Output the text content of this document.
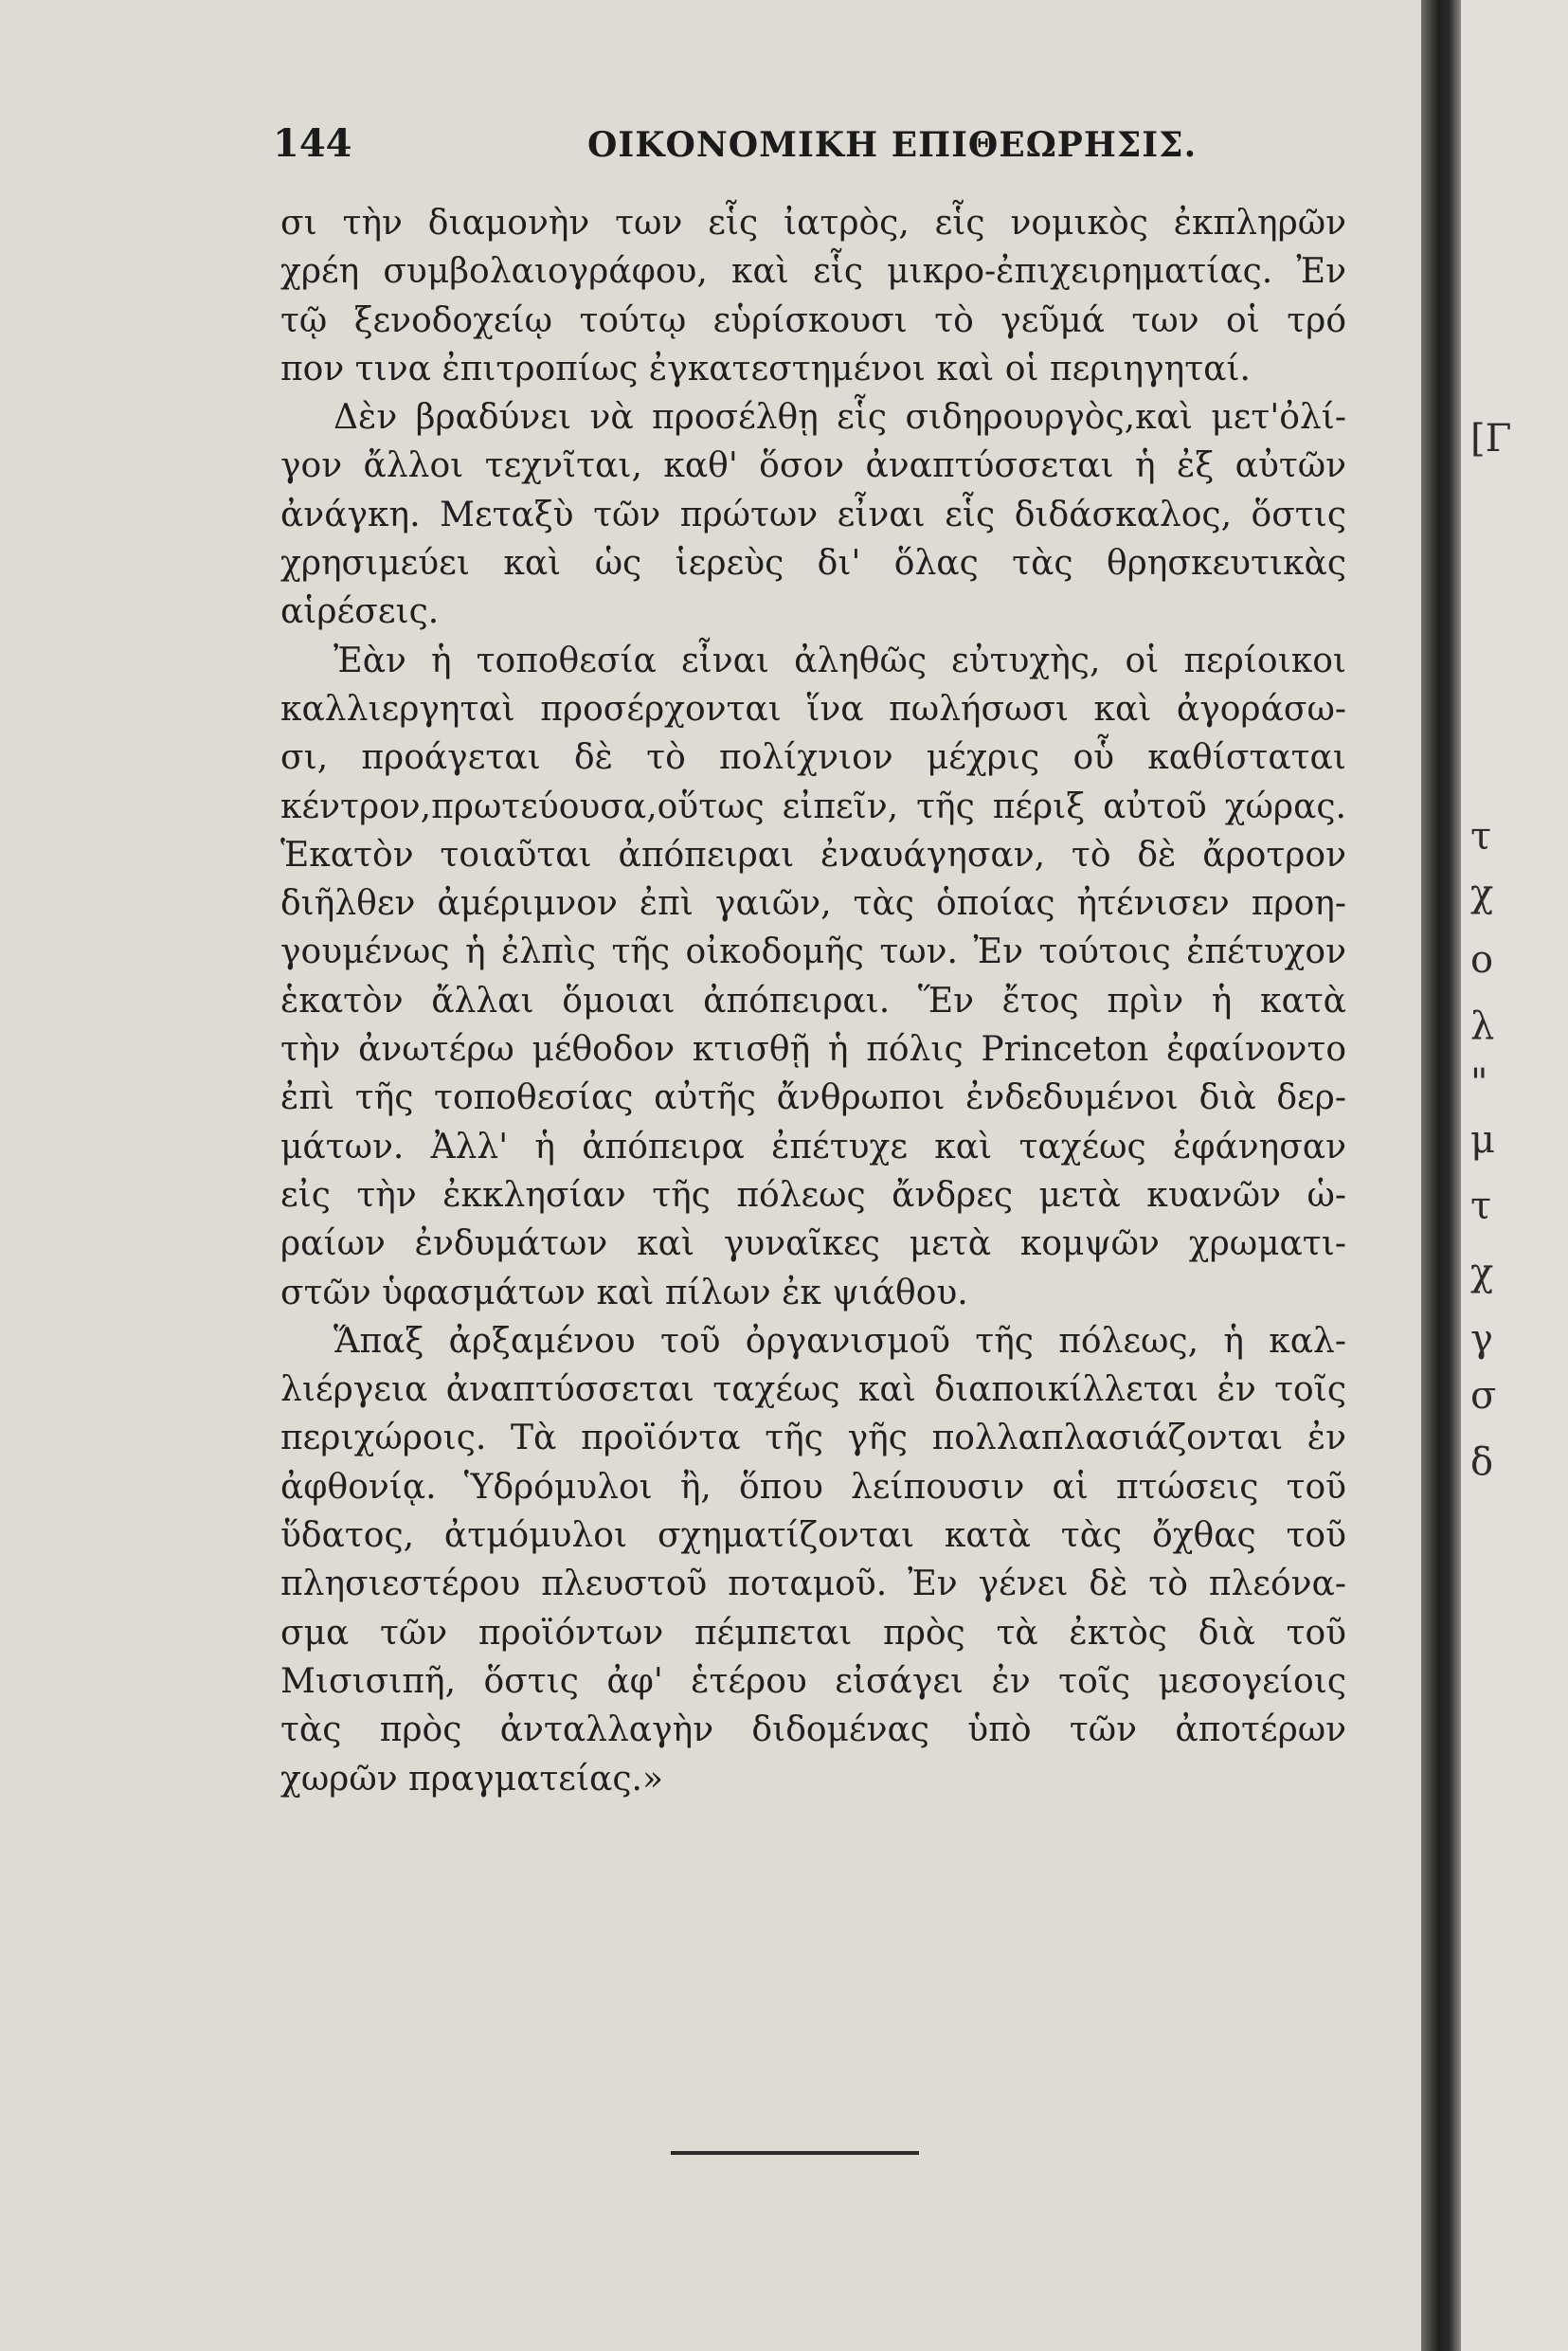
144	ΟΙΚΟΝΟΜΙΚΗ ΕΠΙΘΕΩΡΗΣΙΣ.
σι τὴν διαμονὴν των εἷς ἰατρὸς, εἷς νομικὸς ἐκπληρῶν
χρέη συμβολαιογράφου, καὶ εἷς μικρο-ἐπιχειρηματίας. Ἐν
τῷ ξενοδοχείῳ τούτῳ εὑρίσκουσι τὸ γεῦμά των οἱ τρό
πον τινα ἐπιτροπίως ἐγκατεστημένοι καὶ οἱ περιηγηταί.
Δὲν βραδύνει νὰ προσέλθῃ εἷς σιδηρουργὸς,καὶ μετ'ὀλί-
γον ἄλλοι τεχνῖται, καθ' ὅσον ἀναπτύσσεται ἡ ἐξ αὐτῶν
ἀνάγκη. Μεταξὺ τῶν πρώτων εἶναι εἷς διδάσκαλος, ὅστις
χρησιμεύει καὶ ὡς ἱερεὺς δι' ὅλας τὰς θρησκευτικὰς
αἱρέσεις.
Ἐὰν ἡ τοποθεσία εἶναι ἀληθῶς εὐτυχὴς, οἱ περίοικοι
καλλιεργηταὶ προσέρχονται ἵνα πωλήσωσι καὶ ἀγοράσω-
σι, προάγεται δὲ τὸ πολίχνιον μέχρις οὗ καθίσταται
κέντρον,πρωτεύουσα,οὕτως εἰπεῖν, τῆς πέριξ αὐτοῦ χώρας.
Ἑκατὸν τοιαῦται ἀπόπειραι ἐναυάγησαν, τὸ δὲ ἄροτρον
διῆλθεν ἀμέριμνον ἐπὶ γαιῶν, τὰς ὁποίας ἠτένισεν προη-
γουμένως ἡ ἐλπὶς τῆς οἰκοδομῆς των. Ἐν τούτοις ἐπέτυχον
ἑκατὸν ἄλλαι ὅμοιαι ἀπόπειραι. Ἕν ἔτος πρὶν ἡ κατὰ
τὴν ἀνωτέρω μέθοδον κτισθῇ ἡ πόλις Princeton ἐφαίνοντο
ἐπὶ τῆς τοποθεσίας αὐτῆς ἄνθρωποι ἐνδεδυμένοι διὰ δερ-
μάτων. Ἀλλ' ἡ ἀπόπειρα ἐπέτυχε καὶ ταχέως ἐφάνησαν
εἰς τὴν ἐκκλησίαν τῆς πόλεως ἄνδρες μετὰ κυανῶν ὡ-
ραίων ἐνδυμάτων καὶ γυναῖκες μετὰ κομψῶν χρωματι-
στῶν ὑφασμάτων καὶ πίλων ἐκ ψιάθου.
Ἅπαξ ἀρξαμένου τοῦ ὀργανισμοῦ τῆς πόλεως, ἡ καλ-
λιέργεια ἀναπτύσσεται ταχέως καὶ διαποικίλλεται ἐν τοῖς
περιχώροις. Τὰ προϊόντα τῆς γῆς πολλαπλασιάζονται ἐν
ἀφθονίᾳ. Ὑδρόμυλοι ἢ, ὅπου λείπουσιν αἱ πτώσεις τοῦ
ὕδατος, ἀτμόμυλοι σχηματίζονται κατὰ τὰς ὄχθας τοῦ
πλησιεστέρου πλευστοῦ ποταμοῦ. Ἐν γένει δὲ τὸ πλεόνα-
σμα τῶν προϊόντων πέμπεται πρὸς τὰ ἐκτὸς διὰ τοῦ
Μισισιπῆ, ὅστις ἀφ' ἑτέρου εἰσάγει ἐν τοῖς μεσογείοις
τὰς πρὸς ἀνταλλαγὴν διδομένας ὑπὸ τῶν ἀποτέρων
χωρῶν πραγματείας.»
[Γ
τ
χ
ο
λ
"
μ
τ
χ
γ
σ
δ
